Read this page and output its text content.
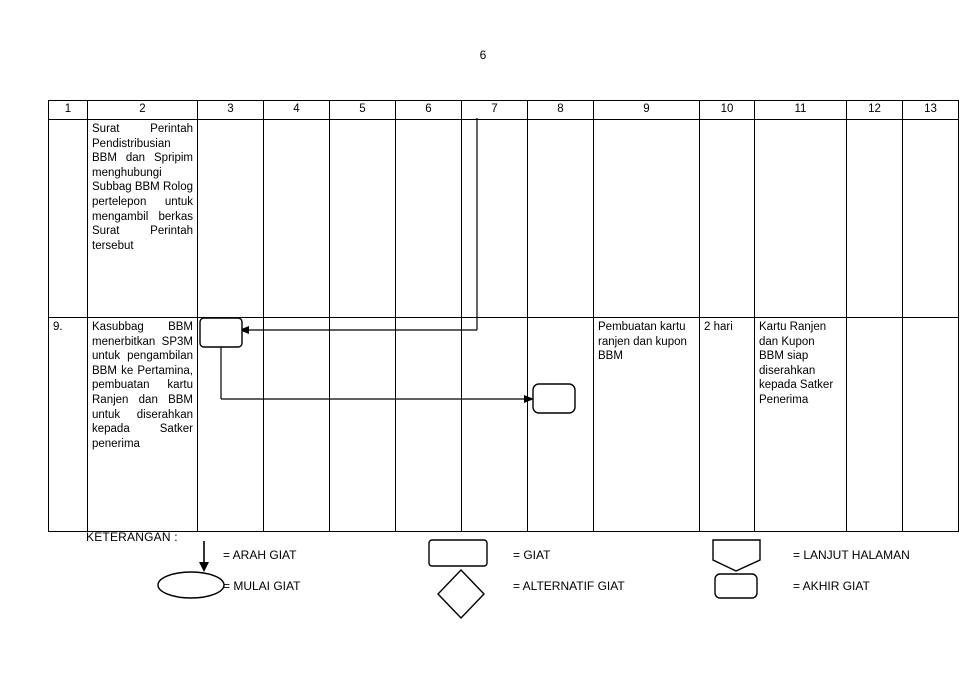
6
1	2	3	4	5	6	7	8	9	10	11	12	13
	Surat Perintah Pendistribusian BBM dan Spripim menghubungi Subbag BBM Rolog pertelepon untuk mengambil berkas Surat Perintah tersebut											
9.	Kasubbag BBM menerbitkan SP3M untuk pengambilan BBM ke Pertamina, pembuatan kartu Ranjen dan BBM untuk diserahkan kepada Satker penerima							Pembuatan kartu ranjen dan kupon BBM	2 hari	Kartu Ranjen dan Kupon BBM siap diserahkan kepada Satker Penerima		
KETERANGAN :
= ARAH GIAT
= MULAI GIAT
= GIAT
= ALTERNATIF GIAT
= LANJUT HALAMAN
= AKHIR GIAT
